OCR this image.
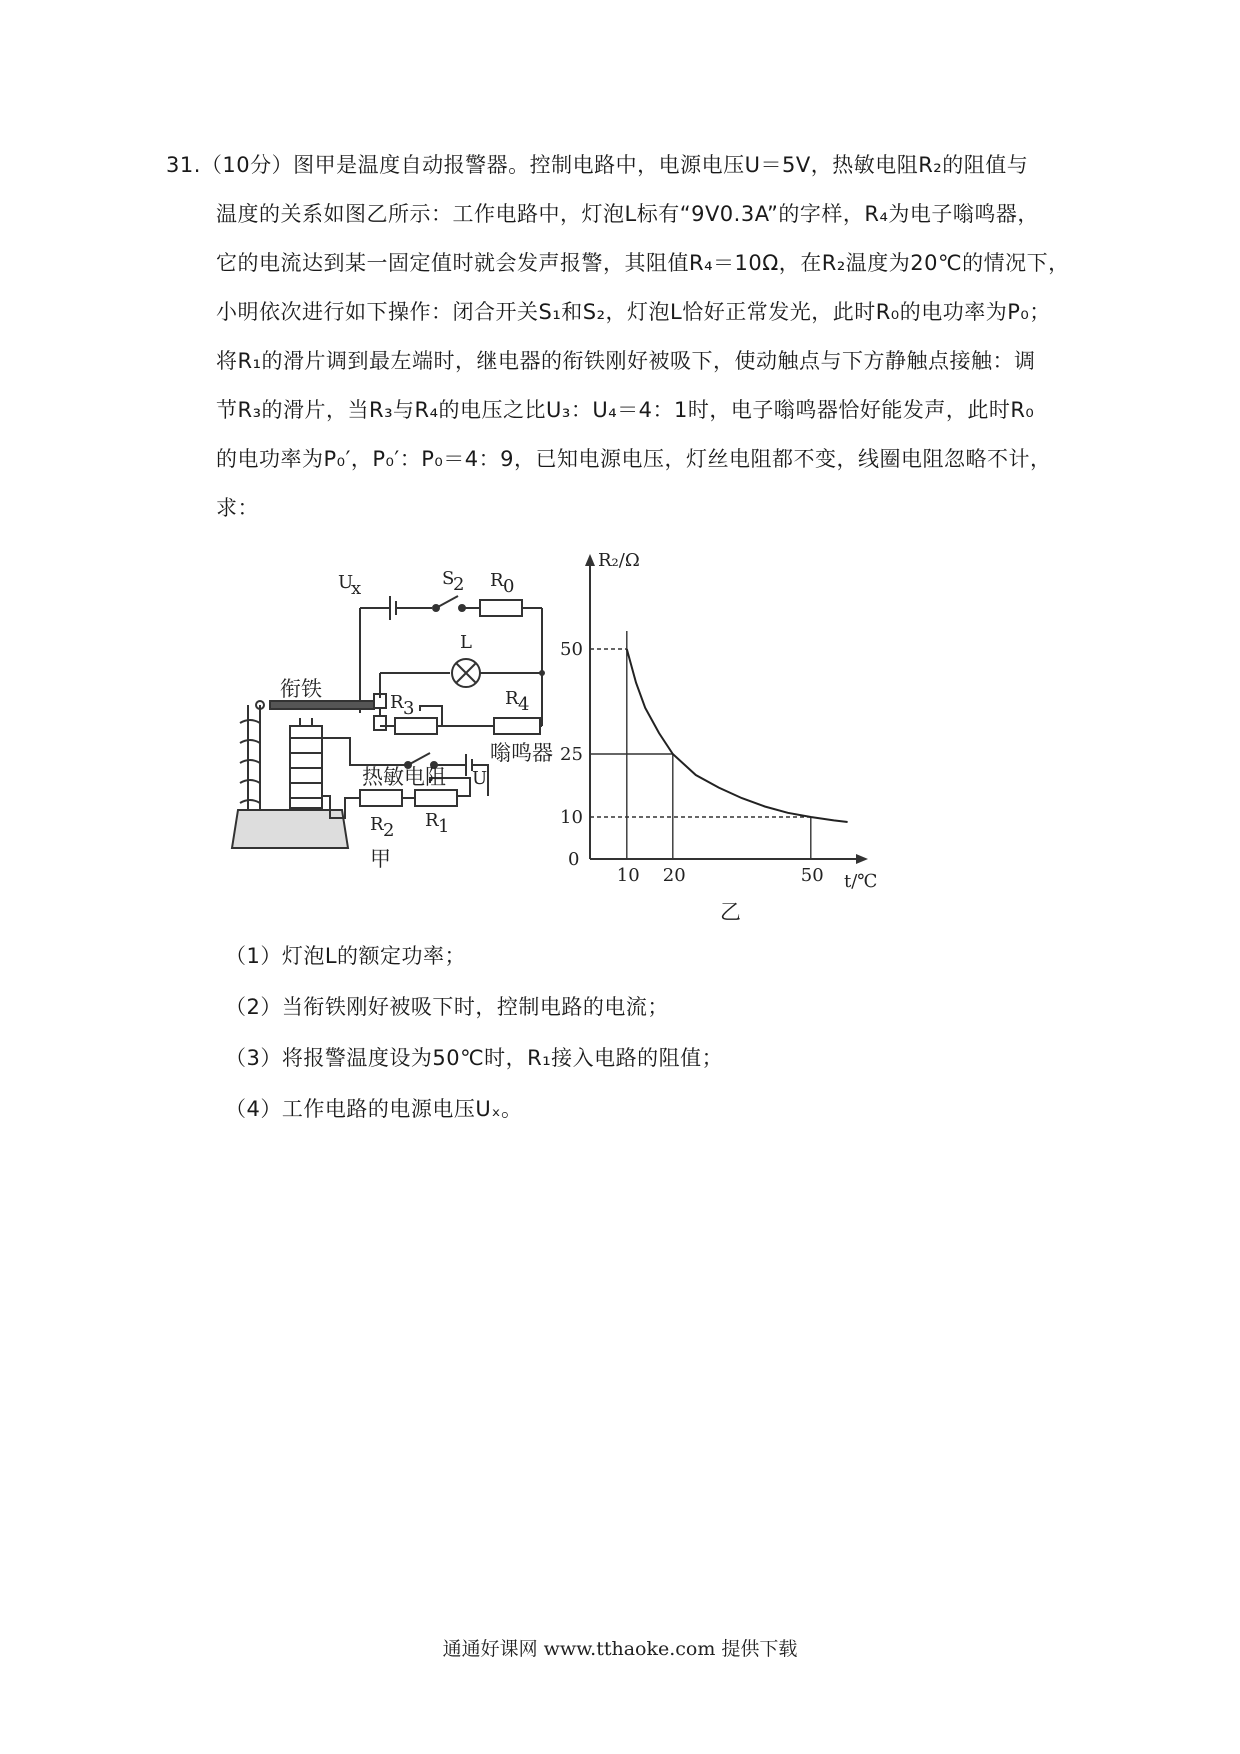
31.（10分）图甲是温度自动报警器。控制电路中，电源电压U＝5V，热敏电阻R₂的阻值与
温度的关系如图乙所示：工作电路中，灯泡L标有“9V0.3A”的字样，R₄为电子嗡鸣器，
它的电流达到某一固定值时就会发声报警，其阻值R₄＝10Ω，在R₂温度为20℃的情况下，
小明依次进行如下操作：闭合开关S₁和S₂，灯泡L恰好正常发光，此时R₀的电功率为P₀；
将R₁的滑片调到最左端时，继电器的衔铁刚好被吸下，使动触点与下方静触点接触：调
节R₃的滑片，当R₃与R₄的电压之比U₃：U₄＝4：1时，电子嗡鸣器恰好能发声，此时R₀
的电功率为P₀′，P₀′：P₀＝4：9，已知电源电压，灯丝电阻都不变，线圈电阻忽略不计，
求：
U
x	S
2 R 0
L
R 3	R 4
嗡鸣器
衔铁
U
热敏电阻
R 2 R 1
甲
R₂/Ω
t/℃
0
乙
10
25
50
10 20	50
（1）灯泡L的额定功率；
（2）当衔铁刚好被吸下时，控制电路的电流；
（3）将报警温度设为50℃时，R₁接入电路的阻值；
（4）工作电路的电源电压Uₓ。
通通好课网 www.tthaoke.com 提供下载
